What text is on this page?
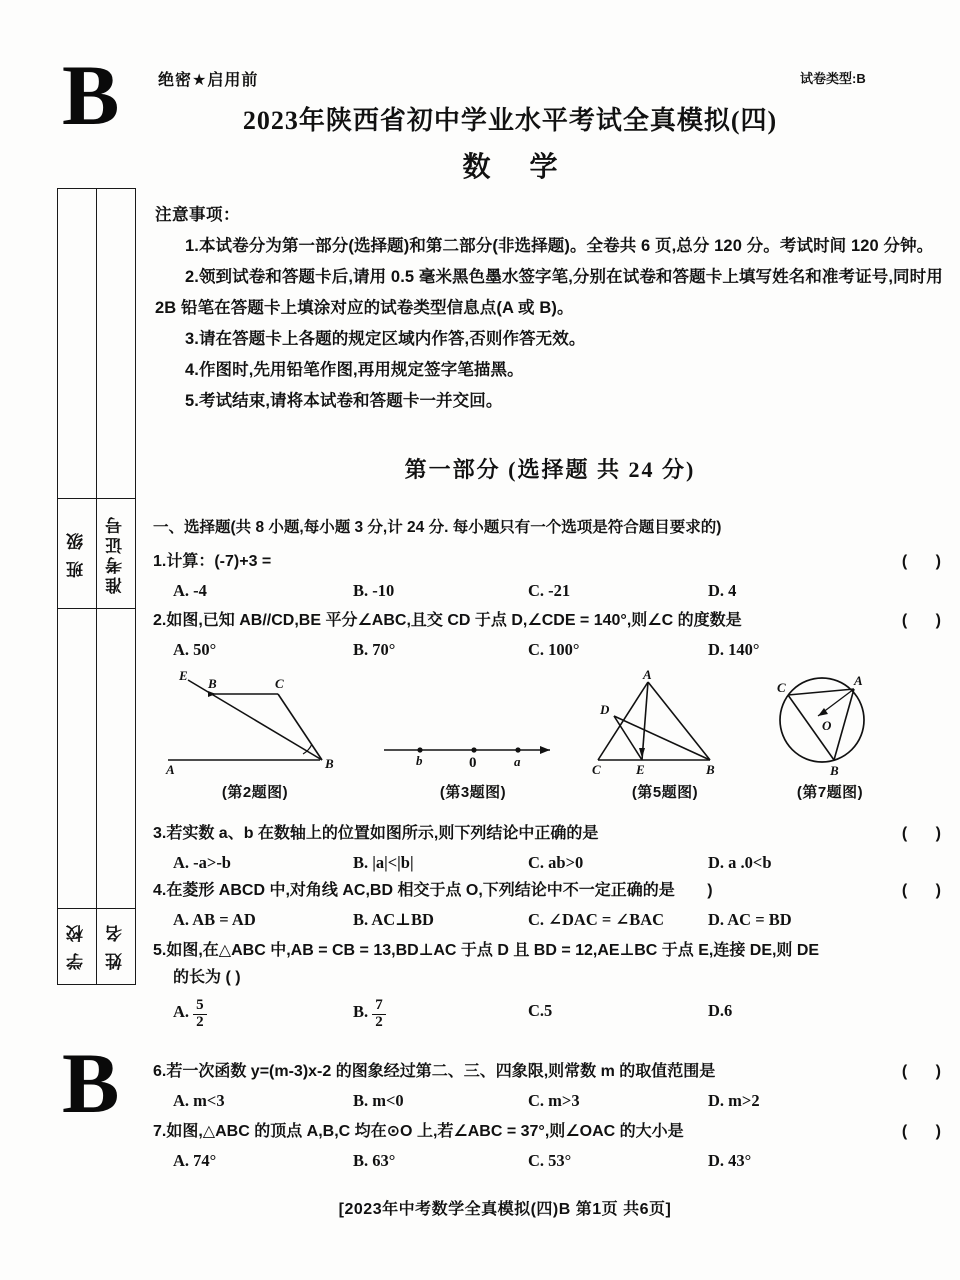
B
B
绝密★启用前	试卷类型:B
2023年陕西省初中学业水平考试全真模拟(四)
数 学
班 级
学 校
准考证号
姓 名
注意事项：
1.本试卷分为第一部分(选择题)和第二部分(非选择题)。全卷共 6 页,总分 120 分。考试时间 120 分钟。
2.领到试卷和答题卡后,请用 0.5 毫米黑色墨水签字笔,分别在试卷和答题卡上填写姓名和准考证号,同时用 2B 铅笔在答题卡上填涂对应的试卷类型信息点(A 或 B)。
3.请在答题卡上各题的规定区域内作答,否则作答无效。
4.作图时,先用铅笔作图,再用规定签字笔描黑。
5.考试结束,请将本试卷和答题卡一并交回。
第一部分 (选择题 共 24 分)
一、选择题(共 8 小题,每小题 3 分,计 24 分. 每小题只有一个选项是符合题目要求的)
1.计算：(-7)+3 =	( )
A. -4	B. -10	C. -21	D. 4
2.如图,已知 AB//CD,BE 平分∠ABC,且交 CD 于点 D,∠CDE = 140°,则∠C 的度数是	( )
A. 50°	B. 70°	C. 100°	D. 140°
E
B	C
A	B
(第2题图)
b	0	a
(第3题图)
A
D
C	E	B
(第5题图)
C	A
O
B
(第7题图)
3.若实数 a、b 在数轴上的位置如图所示,则下列结论中正确的是	( )
A. -a>-b	B. |a|<|b|	C. ab>0	D. a .0<b
4.在菱形 ABCD 中,对角线 AC,BD 相交于点 O,下列结论中不一定正确的是 )	( )
A. AB = AD	B. AC⊥BD	C. ∠DAC = ∠BAC	D. AC = BD
5.如图,在△ABC 中,AB = CB = 13,BD⊥AC 于点 D 且 BD = 12,AE⊥BC 于点 E,连接 DE,则 DE
的长为 ( )
A. $\frac{5}{2}$	B. $\frac{7}{2}$	C.5	D.6
6.若一次函数 y=(m-3)x-2 的图象经过第二、三、四象限,则常数 m 的取值范围是	( )
A. m<3	B. m<0	C. m>3	D. m>2
7.如图,△ABC 的顶点 A,B,C 均在⊙O 上,若∠ABC = 37°,则∠OAC 的大小是	( )
A. 74°	B. 63°	C. 53°	D. 43°
[2023年中考数学全真模拟(四)B 第1页 共6页]
